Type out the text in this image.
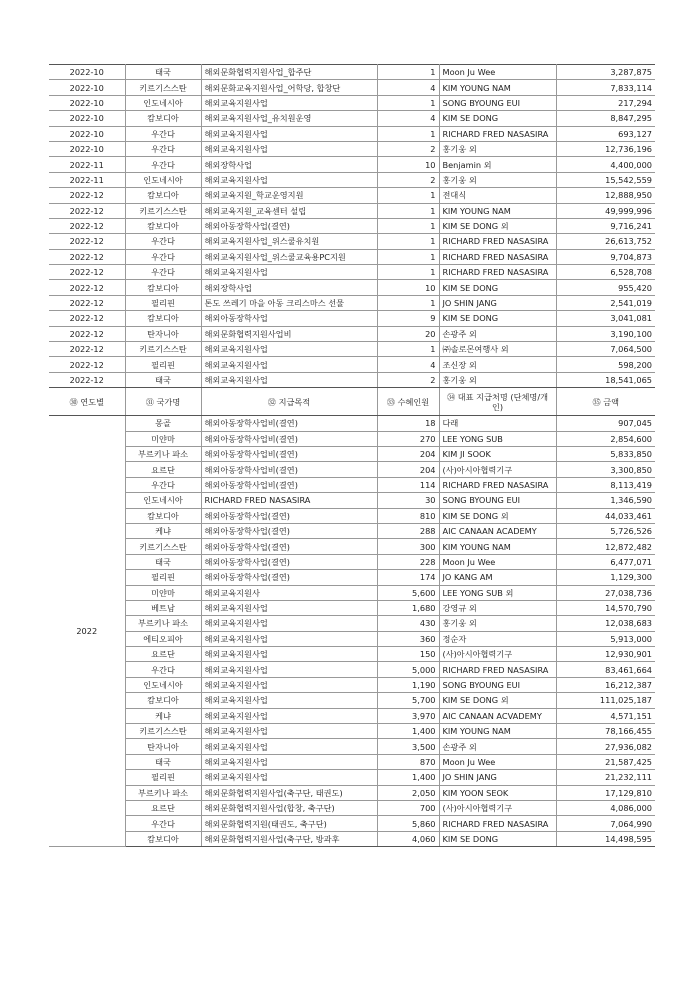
2022-10	태국	해외문화협력지원사업_합주단	1	Moon Ju Wee	3,287,875
2022-10	키르기스스탄	해외문화교육지원사업_어학당, 합창단	4	KIM YOUNG NAM	7,833,114
2022-10	인도네시아	해외교육지원사업	1	SONG BYOUNG EUI	217,294
2022-10	캄보디아	해외교육지원사업_유치원운영	4	KIM SE DONG	8,847,295
2022-10	우간다	해외교육지원사업	1	RICHARD FRED NASASIRA	693,127
2022-10	우간다	해외교육지원사업	2	홍기웅 외	12,736,196
2022-11	우간다	해외장학사업	10	Benjamin 외	4,400,000
2022-11	인도네시아	해외교육지원사업	2	홍기웅 외	15,542,559
2022-12	캄보디아	해외교육지원_학교운영지원	1	전대식	12,888,950
2022-12	키르기스스탄	해외교육지원_교육센터 설립	1	KIM YOUNG NAM	49,999,996
2022-12	캄보디아	해외아동장학사업(결연)	1	KIM SE DONG 외	9,716,241
2022-12	우간다	해외교육지원사업_위스쿨유치원	1	RICHARD FRED NASASIRA	26,613,752
2022-12	우간다	해외교육지원사업_위스쿨교육용PC지원	1	RICHARD FRED NASASIRA	9,704,873
2022-12	우간다	해외교육지원사업	1	RICHARD FRED NASASIRA	6,528,708
2022-12	캄보디아	해외장학사업	10	KIM SE DONG	955,420
2022-12	필리핀	톤도 쓰레기 마을 아동 크리스마스 선물	1	JO SHIN JANG	2,541,019
2022-12	캄보디아	해외아동장학사업	9	KIM SE DONG	3,041,081
2022-12	탄자니아	해외문화협력지원사업비	20	손광주 외	3,190,100
2022-12	키르기스스탄	해외교육지원사업	1	㈜솔로몬여행사 외	7,064,500
2022-12	필리핀	해외교육지원사업	4	조신장 외	598,200
2022-12	태국	해외교육지원사업	2	홍기웅 외	18,541,065
㉚ 연도별	㉛ 국가명	㉜ 지급목적	㉝ 수혜인원	㉞ 대표 지급처명 (단체명/개인)	㉟ 금액
2022	몽골	해외아동장학사업비(결연)	18	다래	907,045
	미얀마	해외아동장학사업비(결연)	270	LEE YONG SUB	2,854,600
	부르키나 파소	해외아동장학사업비(결연)	204	KIM JI SOOK	5,833,850
	요르단	해외아동장학사업비(결연)	204	(사)아시아협력기구	3,300,850
	우간다	해외아동장학사업비(결연)	114	RICHARD FRED NASASIRA	8,113,419
	인도네시아	RICHARD FRED NASASIRA	30	SONG BYOUNG EUI	1,346,590
	캄보디아	해외아동장학사업(결연)	810	KIM SE DONG 외	44,033,461
	케냐	해외아동장학사업(결연)	288	AIC CANAAN ACADEMY	5,726,526
	키르기스스탄	해외아동장학사업(결연)	300	KIM YOUNG NAM	12,872,482
	태국	해외아동장학사업(결연)	228	Moon Ju Wee	6,477,071
	필리핀	해외아동장학사업(결연)	174	JO KANG AM	1,129,300
	미얀마	해외교육지원사	5,600	LEE YONG SUB 외	27,038,736
	베트남	해외교육지원사업	1,680	강영규 외	14,570,790
	부르키나 파소	해외교육지원사업	430	홍기웅 외	12,038,683
	에티오피아	해외교육지원사업	360	정순자	5,913,000
	요르단	해외교육지원사업	150	(사)아시아협력기구	12,930,901
	우간다	해외교육지원사업	5,000	RICHARD FRED NASASIRA	83,461,664
	인도네시아	해외교육지원사업	1,190	SONG BYOUNG EUI	16,212,387
	캄보디아	해외교육지원사업	5,700	KIM SE DONG 외	111,025,187
	케냐	해외교육지원사업	3,970	AIC CANAAN ACVADEMY	4,571,151
	키르기스스탄	해외교육지원사업	1,400	KIM YOUNG NAM	78,166,455
	탄자니아	해외교육지원사업	3,500	손광주 외	27,936,082
	태국	해외교육지원사업	870	Moon Ju Wee	21,587,425
	필리핀	해외교육지원사업	1,400	JO SHIN JANG	21,232,111
	부르키나 파소	해외문화협력지원사업(축구단, 태권도)	2,050	KIM YOON SEOK	17,129,810
	요르단	해외문화협력지원사업(합창, 축구단)	700	(사)아시아협력기구	4,086,000
	우간다	해외문화협력지원(태권도, 축구단)	5,860	RICHARD FRED NASASIRA	7,064,990
	캄보디아	해외문화협력지원사업(축구단, 방과후	4,060	KIM SE DONG	14,498,595
